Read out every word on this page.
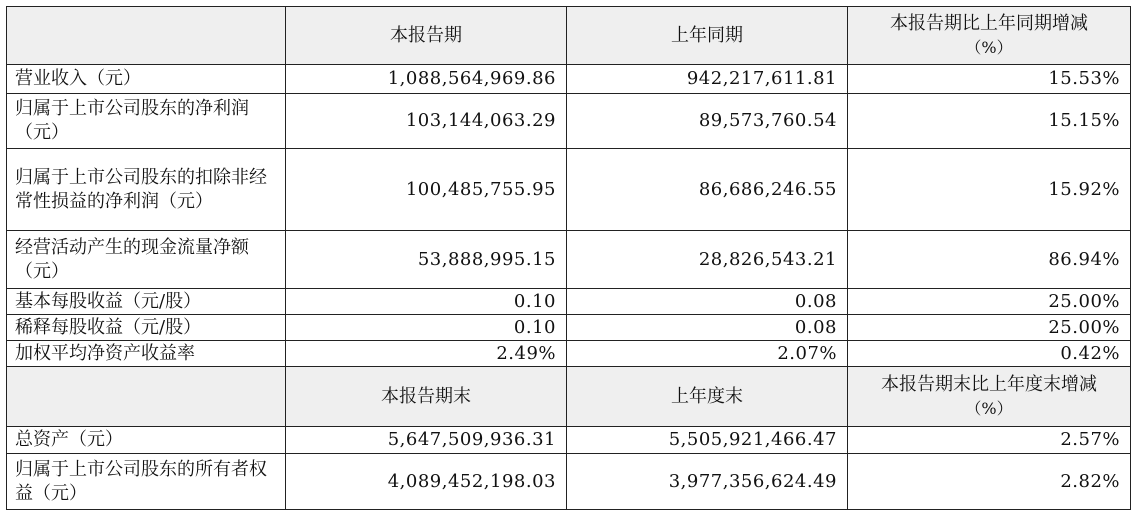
	本报告期	上年同期	本报告期比上年同期增减
（%）

营业收入（元）	1,088,564,969.86	942,217,611.81	15.53%
归属于上市公司股东的净利润（元）	103,144,063.29	89,573,760.54	15.15%
归属于上市公司股东的扣除非经常性损益的净利润（元）	100,485,755.95	86,686,246.55	15.92%
经营活动产生的现金流量净额（元）	53,888,995.15	28,826,543.21	86.94%
基本每股收益（元/股）	0.10	0.08	25.00%
稀释每股收益（元/股）	0.10	0.08	25.00%
加权平均净资产收益率	2.49%	2.07%	0.42%
	本报告期末	上年度末	本报告期末比上年度末增减
（%）

总资产（元）	5,647,509,936.31	5,505,921,466.47	2.57%
归属于上市公司股东的所有者权益（元）	4,089,452,198.03	3,977,356,624.49	2.82%
